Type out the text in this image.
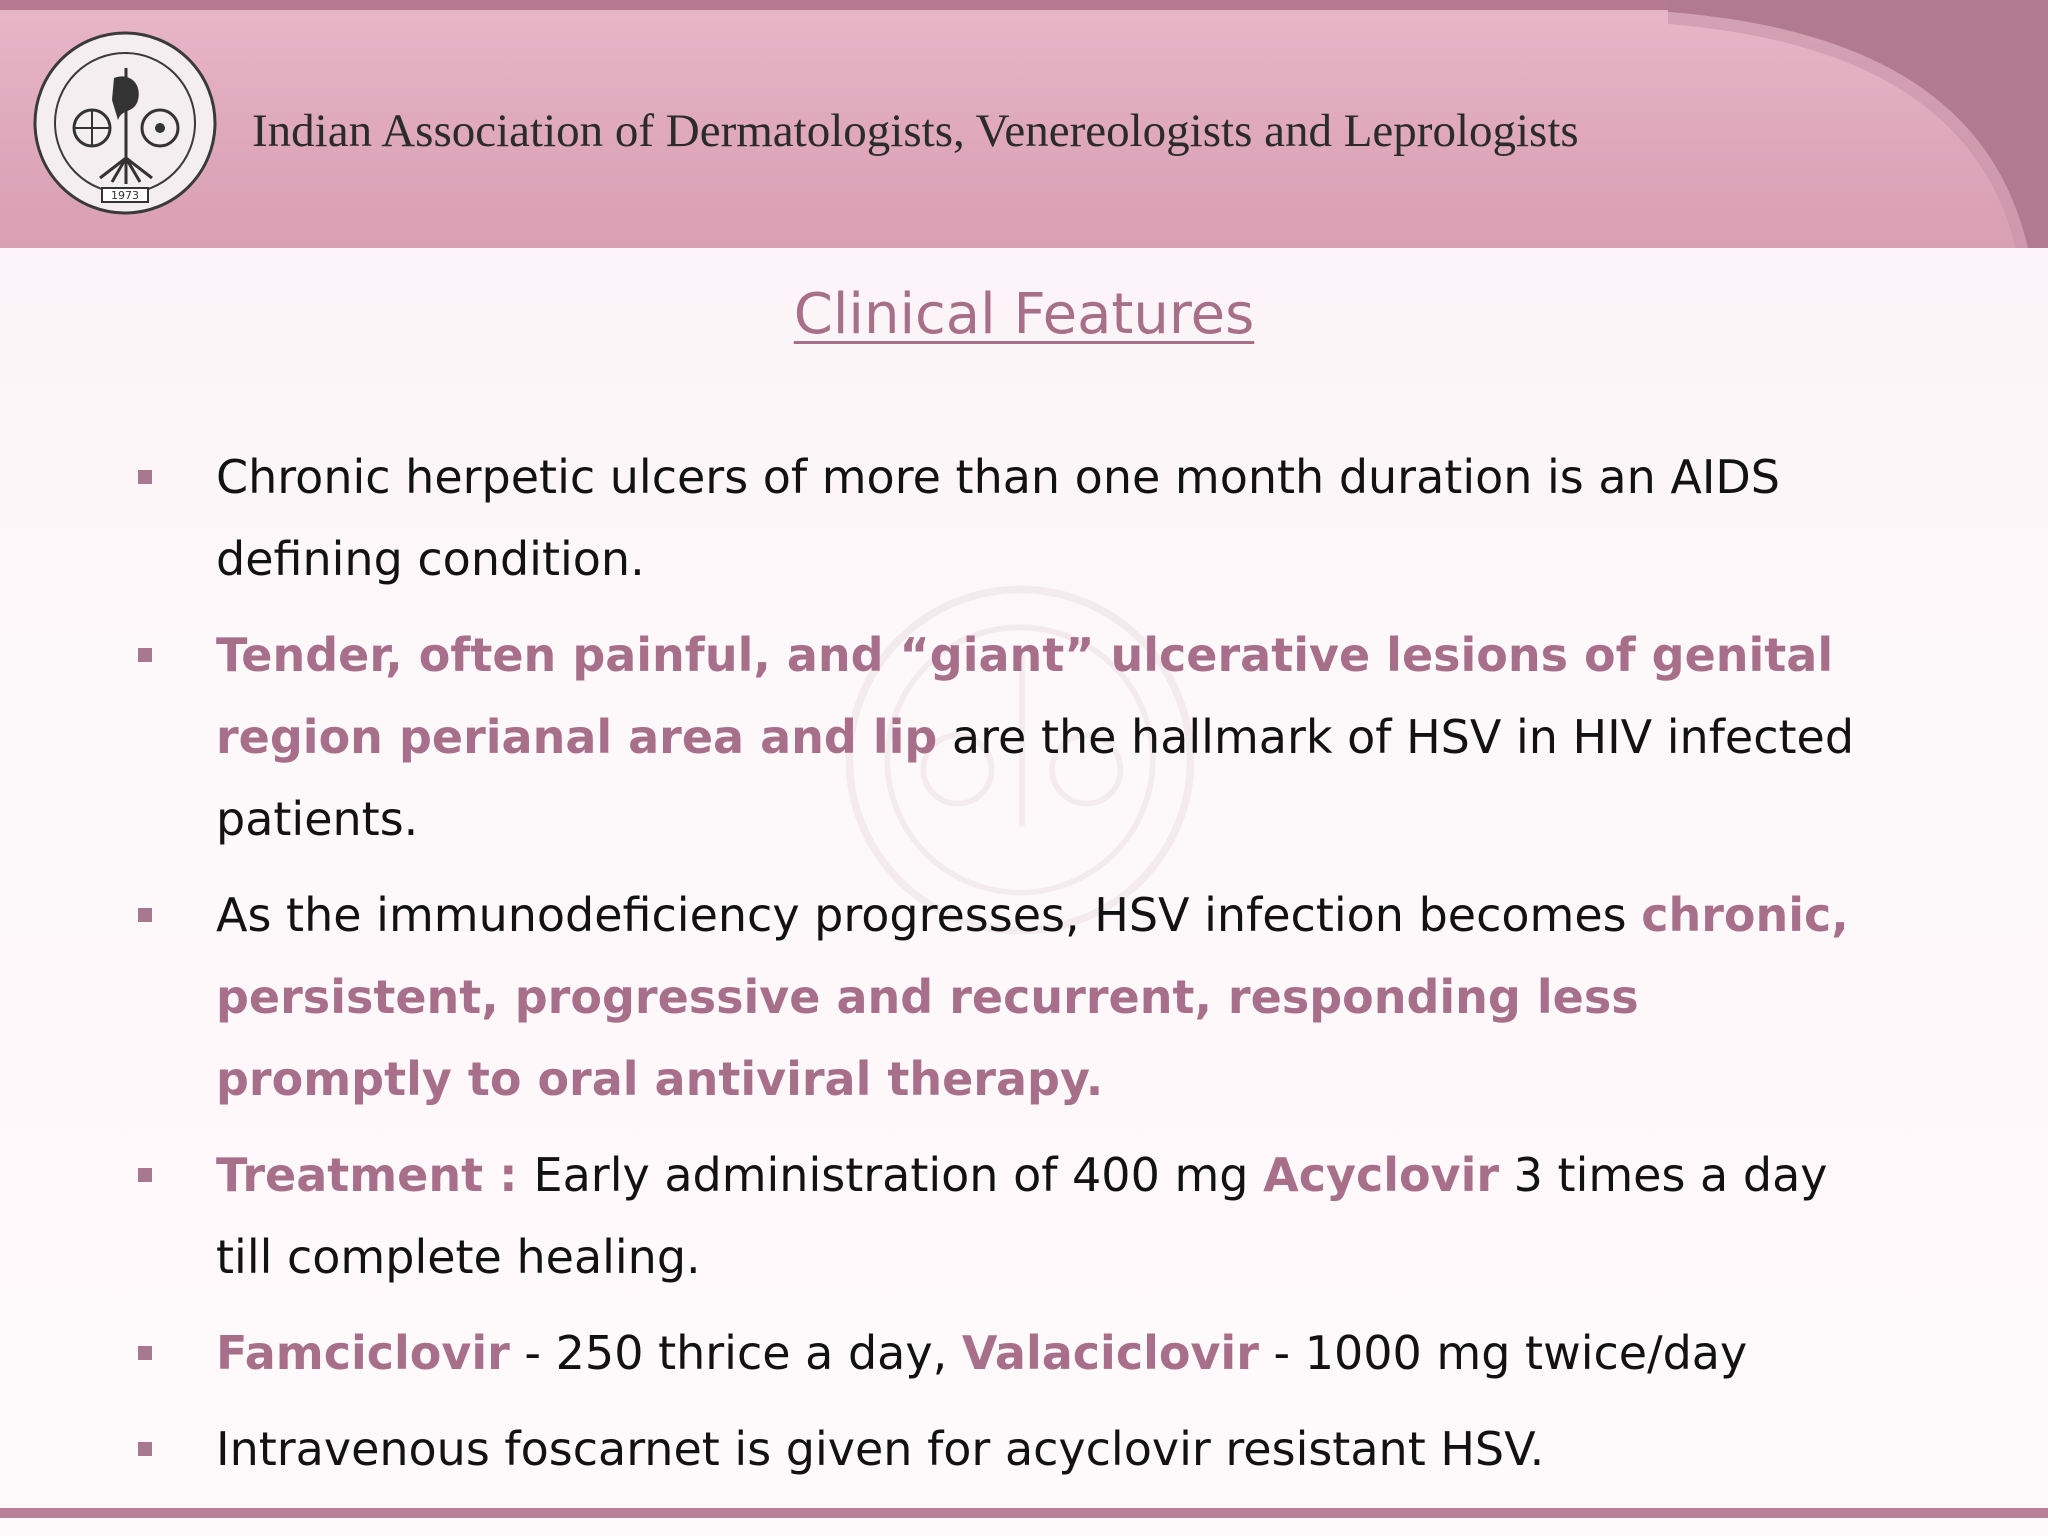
1973
Indian Association of Dermatologists, Venereologists and Leprologists
Clinical Features
Chronic herpetic ulcers of more than one month duration is an AIDS defining condition.
Tender, often painful, and “giant” ulcerative lesions of genital region perianal area and lip are the hallmark of HSV in HIV infected patients.
As the immunodeficiency progresses, HSV infection becomes chronic, persistent, progressive and recurrent, responding less promptly to oral antiviral therapy.
Treatment : Early administration of 400 mg Acyclovir 3 times a day till complete healing.
Famciclovir - 250 thrice a day, Valaciclovir - 1000 mg twice/day
Intravenous foscarnet is given for acyclovir resistant HSV.
